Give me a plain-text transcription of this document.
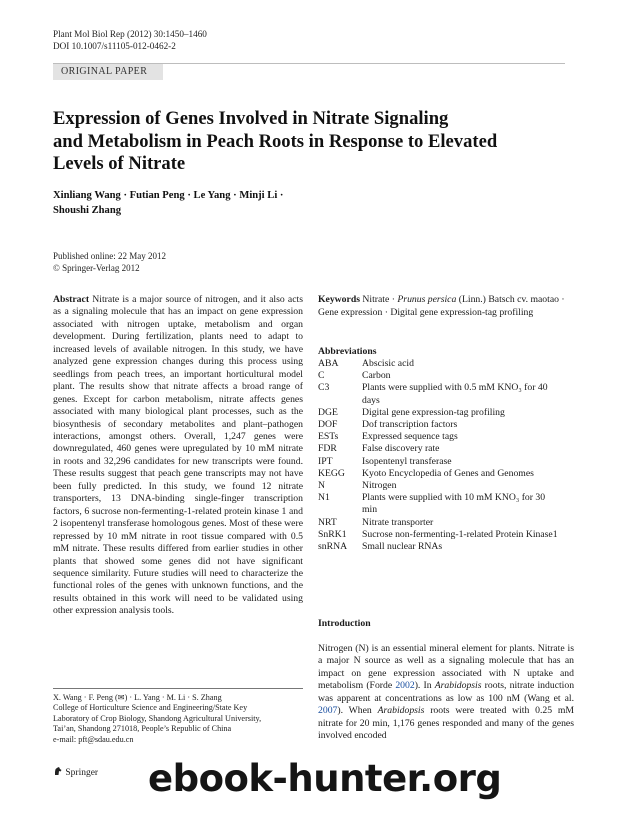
Plant Mol Biol Rep (2012) 30:1450–1460
DOI 10.1007/s11105-012-0462-2
ORIGINAL PAPER
Expression of Genes Involved in Nitrate Signaling
and Metabolism in Peach Roots in Response to Elevated
Levels of Nitrate
Xinliang Wang · Futian Peng · Le Yang · Minji Li ·
Shoushi Zhang
Published online: 22 May 2012
© Springer-Verlag 2012
Abstract Nitrate is a major source of nitrogen, and it also acts as a signaling molecule that has an impact on gene expression associated with nitrogen uptake, metabolism and organ development. During fertilization, plants need to adapt to increased levels of available nitrogen. In this study, we have analyzed gene expression changes during this process using seedlings from peach trees, an important horticultural model plant. The results show that nitrate affects a broad range of genes. Except for carbon metabolism, nitrate affects genes associated with many biological plant processes, such as the biosynthesis of secondary metabolites and plant–pathogen interactions, amongst others. Overall, 1,247 genes were downregulated, 460 genes were upregulated by 10 mM nitrate in roots and 32,296 candidates for new transcripts were found. These results suggest that peach gene transcripts may not have been fully predicted. In this study, we found 12 nitrate transporters, 13 DNA-binding single-finger transcription factors, 6 sucrose non-fermenting-1-related protein kinase 1 and 2 isopentenyl transferase homologous genes. Most of these were repressed by 10 mM nitrate in root tissue compared with 0.5 mM nitrate. These results differed from earlier studies in other plants that showed some genes did not have significant sequence similarity. Future studies will need to characterize the functional roles of the genes with unknown functions, and the results obtained in this work will need to be validated using other expression analysis tools.
Keywords Nitrate · Prunus persica (Linn.) Batsch cv. maotao · Gene expression · Digital gene expression-tag profiling
Abbreviations
ABA	Abscisic acid
C	Carbon
C3	Plants were supplied with 0.5 mM KNO₃ for 40 days
DGE	Digital gene expression-tag profiling
DOF	Dof transcription factors
ESTs	Expressed sequence tags
FDR	False discovery rate
IPT	Isopentenyl transferase
KEGG	Kyoto Encyclopedia of Genes and Genomes
N	Nitrogen
N1	Plants were supplied with 10 mM KNO₃ for 30 min
NRT	Nitrate transporter
SnRK1	Sucrose non-fermenting-1-related Protein Kinase1
snRNA	Small nuclear RNAs
Introduction
Nitrogen (N) is an essential mineral element for plants. Nitrate is a major N source as well as a signaling molecule that has an impact on gene expression associated with N uptake and metabolism (Forde 2002). In Arabidopsis roots, nitrate induction was apparent at concentrations as low as 100 nM (Wang et al. 2007). When Arabidopsis roots were treated with 0.25 mM nitrate for 20 min, 1,176 genes responded and many of the genes involved encoded
X. Wang · F. Peng (✉) · L. Yang · M. Li · S. Zhang
College of Horticulture Science and Engineering/State Key
Laboratory of Crop Biology, Shandong Agricultural University,
Tai’an, Shandong 271018, People’s Republic of China
e-mail: pft@sdau.edu.cn
Springer ebook-hunter.org
